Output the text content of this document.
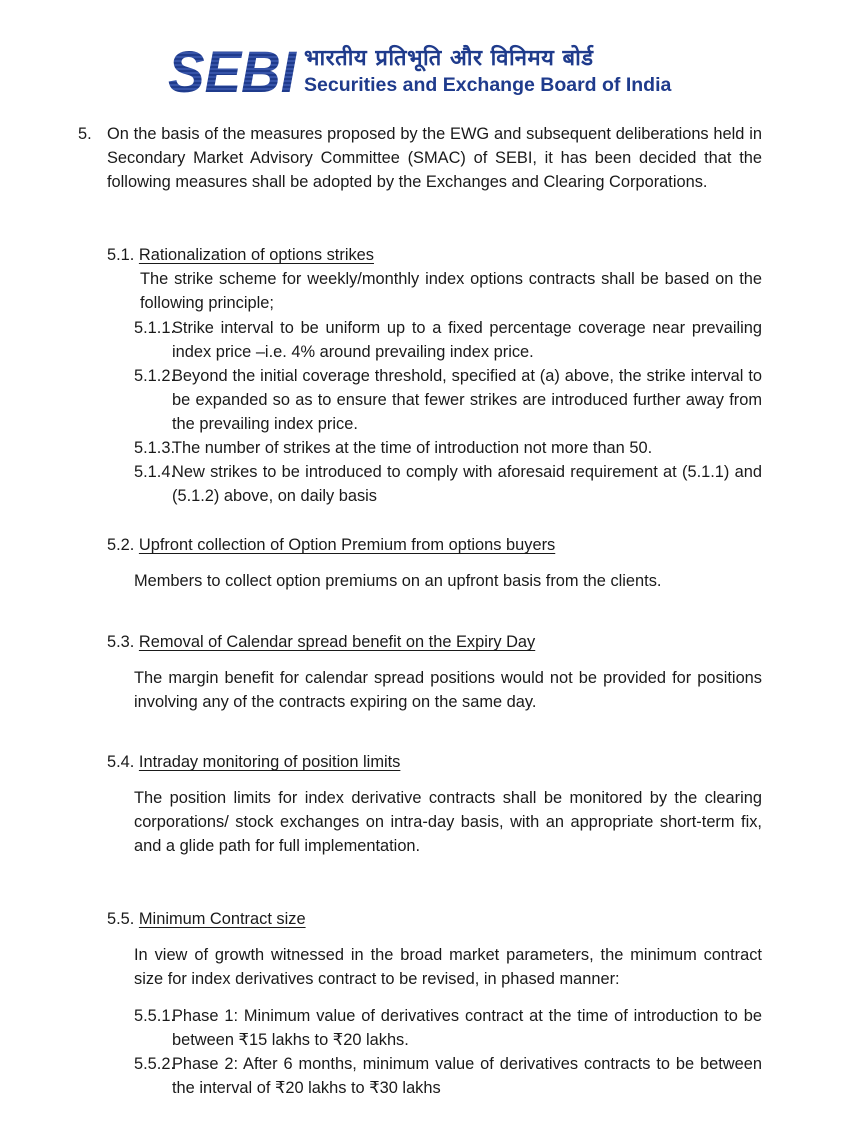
SEBI भारतीय प्रतिभूति और विनिमय बोर्ड
Securities and Exchange Board of India
5. On the basis of the measures proposed by the EWG and subsequent deliberations held in Secondary Market Advisory Committee (SMAC) of SEBI, it has been decided that the following measures shall be adopted by the Exchanges and Clearing Corporations.
5.1. Rationalization of options strikes
The strike scheme for weekly/monthly index options contracts shall be based on the following principle;
5.1.1.
Strike interval to be uniform up to a fixed percentage coverage near prevailing index price –i.e. 4% around prevailing index price.
5.1.2.
Beyond the initial coverage threshold, specified at (a) above, the strike interval to be expanded so as to ensure that fewer strikes are introduced further away from the prevailing index price.
5.1.3.
The number of strikes at the time of introduction not more than 50.
5.1.4.
New strikes to be introduced to comply with aforesaid requirement at (5.1.1) and (5.1.2) above, on daily basis
5.2. Upfront collection of Option Premium from options buyers
Members to collect option premiums on an upfront basis from the clients.
5.3. Removal of Calendar spread benefit on the Expiry Day
The margin benefit for calendar spread positions would not be provided for positions involving any of the contracts expiring on the same day.
5.4. Intraday monitoring of position limits
The position limits for index derivative contracts shall be monitored by the clearing corporations/ stock exchanges on intra-day basis, with an appropriate short-term fix, and a glide path for full implementation.
5.5. Minimum Contract size
In view of growth witnessed in the broad market parameters, the minimum contract size for index derivatives contract to be revised, in phased manner:
5.5.1.
Phase 1: Minimum value of derivatives contract at the time of introduction to be between ₹15 lakhs to ₹20 lakhs.
5.5.2.
Phase 2: After 6 months, minimum value of derivatives contracts to be between the interval of ₹20 lakhs to ₹30 lakhs
